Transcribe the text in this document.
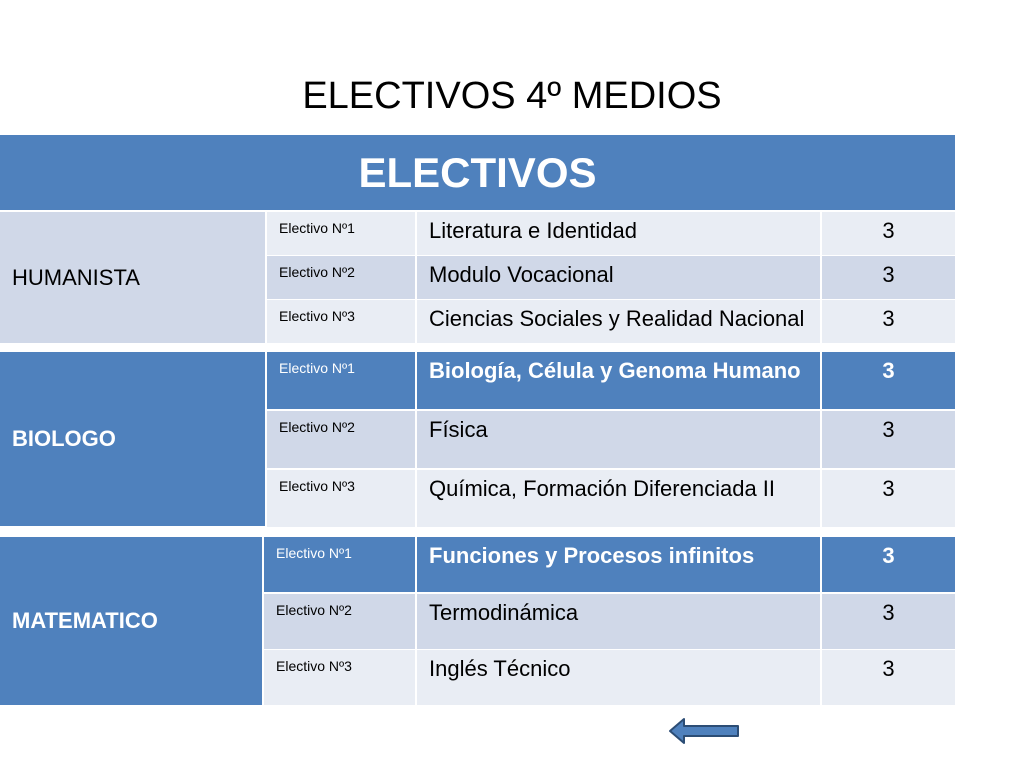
ELECTIVOS 4º MEDIOS
ELECTIVOS
HUMANISTA
Electivo Nº1	Literatura e Identidad	3
Electivo Nº2	Modulo Vocacional	3
Electivo Nº3	Ciencias Sociales y Realidad Nacional	3
BIOLOGO
Electivo Nº1	Biología, Célula y Genoma Humano	3
Electivo Nº2	Física	3
Electivo Nº3	Química, Formación Diferenciada II	3
MATEMATICO
Electivo Nº1	Funciones y Procesos infinitos	3
Electivo Nº2	Termodinámica	3
Electivo Nº3	Inglés Técnico	3
